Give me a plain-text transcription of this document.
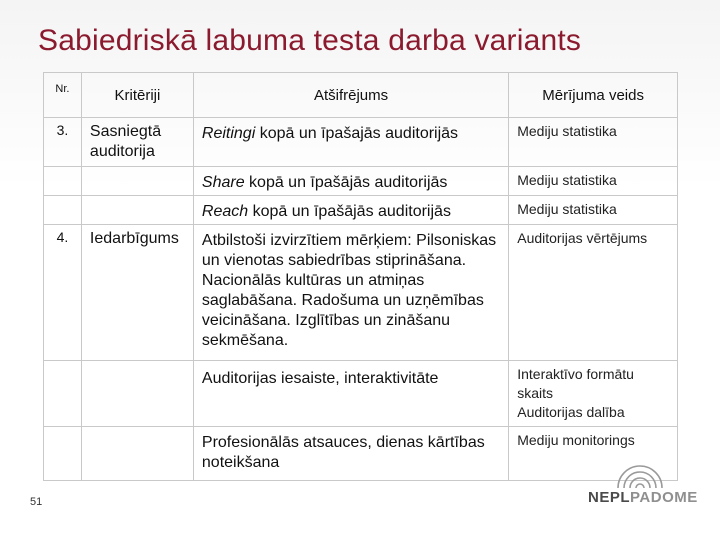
Sabiedriskā labuma testa darba variants
Nr.	Kritēriji	Atšifrējums	Mērījuma veids
3.	Sasniegtā auditorija	Reitingi kopā un īpašajās auditorijās	Mediju statistika
		Share kopā un īpašājās auditorijās	Mediju statistika
		Reach kopā un īpašājās auditorijās	Mediju statistika
4.	Iedarbīgums	Atbilstoši izvirzītiem mērķiem: Pilsoniskas un vienotas sabiedrības stiprināšana. Nacionālās kultūras un atmiņas saglabāšana. Radošuma un uzņēmības veicināšana. Izglītības un zināšanu sekmēšana.	Auditorijas vērtējums
		Auditorijas iesaiste, interaktivitāte	Interaktīvo formātu
skaits
Auditorijas dalība

		Profesionālās atsauces, dienas kārtības noteikšana	Mediju monitorings
51	NEPLPADOME
